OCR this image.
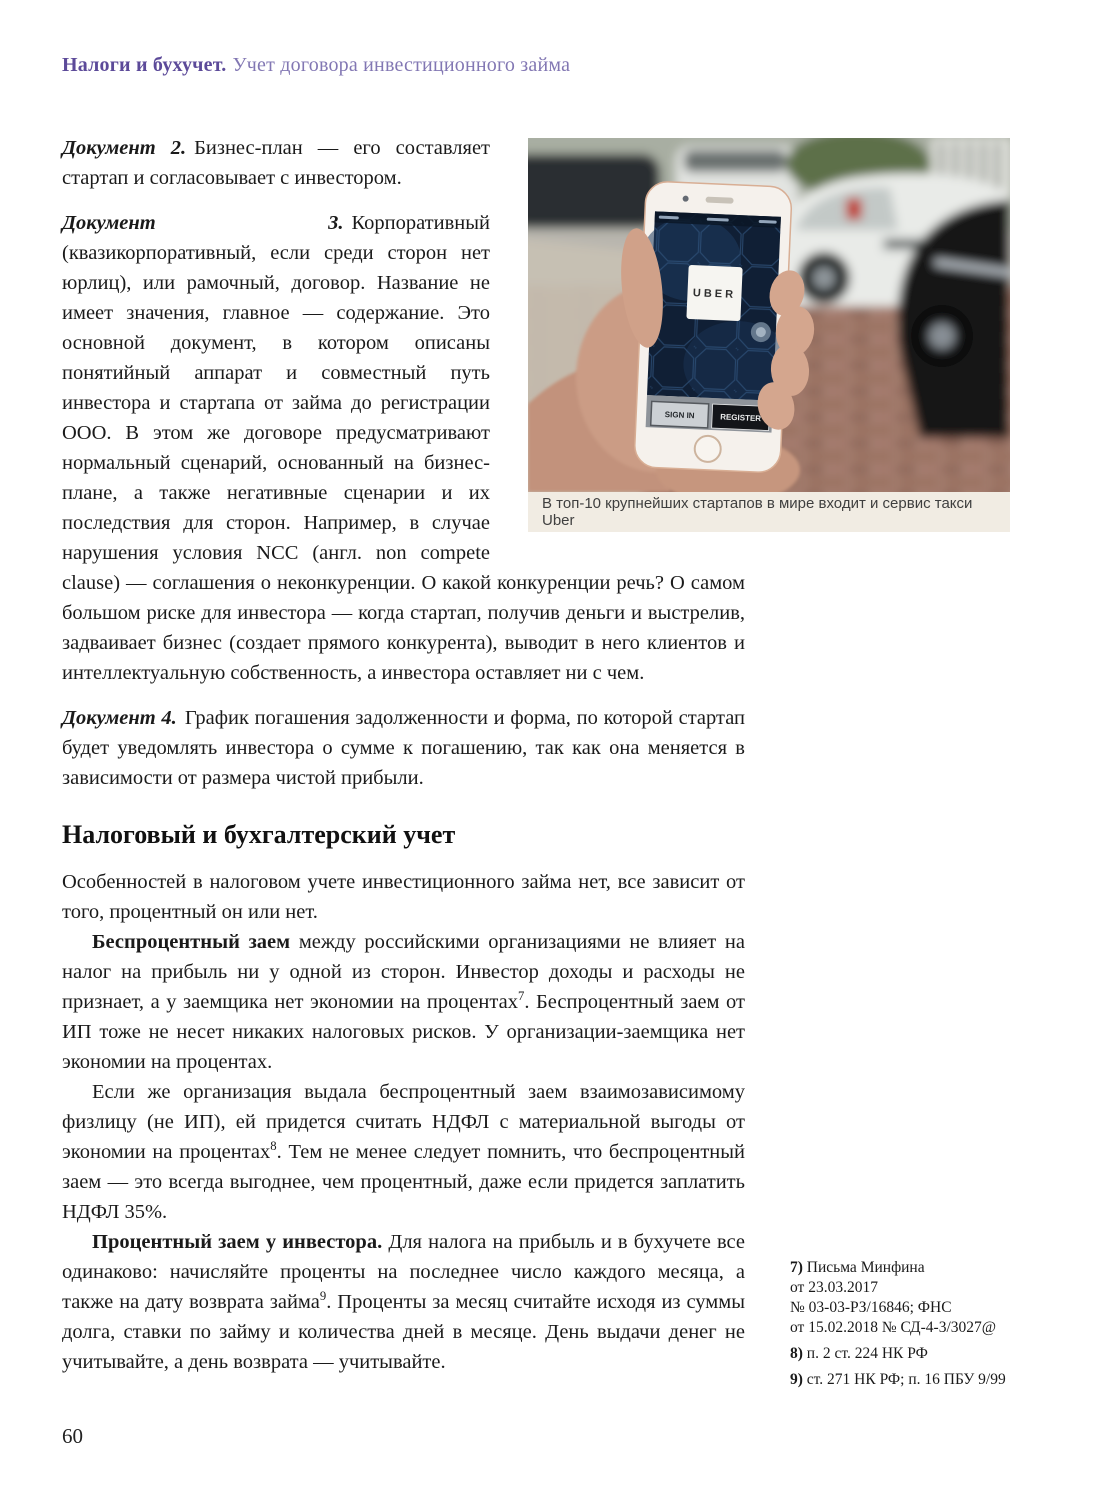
Налоги и бухучет. Учет договора инвестиционного займа
UBER
SIGN IN	REGISTER
В топ-10 крупнейших стартапов в мире входит и сервис такси Uber

Документ 2. Бизнес-план — его составляет стартап и согласовывает с инвестором.

Документ 3. Корпоративный (квазикорпоративный, если среди сторон нет юрлиц), или рамочный, договор. Название не имеет значения, главное — содержание. Это основной документ, в котором описаны понятийный аппарат и совместный путь инвестора и стартапа от займа до регистрации ООО. В этом же договоре предусматривают нормальный сценарий, основанный на бизнес-плане, а также негативные сценарии и их последствия для сторон. Например, в случае нарушения условия NCC (англ. non compete clause) — соглашения о неконкуренции. О какой конкуренции речь? О самом большом риске для инвестора — когда стартап, получив деньги и выстрелив, задваивает бизнес (создает прямого конкурента), выводит в него клиентов и интеллектуальную собственность, а инвестора оставляет ни с чем.

Документ 4. График погашения задолженности и форма, по которой стартап будет уведомлять инвестора о сумме к погашению, так как она меняется в зависимости от размера чистой прибыли.

Налоговый и бухгалтерский учет

Особенностей в налоговом учете инвестиционного займа нет, все зависит от того, процентный он или нет.

Беспроцентный заем между российскими организациями не влияет на налог на прибыль ни у одной из сторон. Инвестор доходы и расходы не признает, а у заемщика нет экономии на процентах$^7$. Беспроцентный заем от ИП тоже не несет никаких налоговых рисков. У организации-заемщика нет экономии на процентах.

Если же организация выдала беспроцентный заем взаимозависимому физлицу (не ИП), ей придется считать НДФЛ с материальной выгоды от экономии на процентах$^8$. Тем не менее следует помнить, что беспроцентный заем — это всегда выгоднее, чем процентный, даже если придется заплатить НДФЛ 35%.

Процентный заем у инвестора. Для налога на прибыль и в бухучете все одинаково: начисляйте проценты на последнее число каждого месяца, а также на дату возврата займа$^9$. Проценты за месяц считайте исходя из суммы долга, ставки по займу и количества дней в месяце. День выдачи денег не учитывайте, а день возврата — учитывайте.

7) Письма Минфина
от 23.03.2017
№ 03-03-РЗ/16846; ФНС
от 15.02.2018 № СД-4-3/3027@
8) п. 2 ст. 224 НК РФ
9) ст. 271 НК РФ; п. 16 ПБУ 9/99
60
